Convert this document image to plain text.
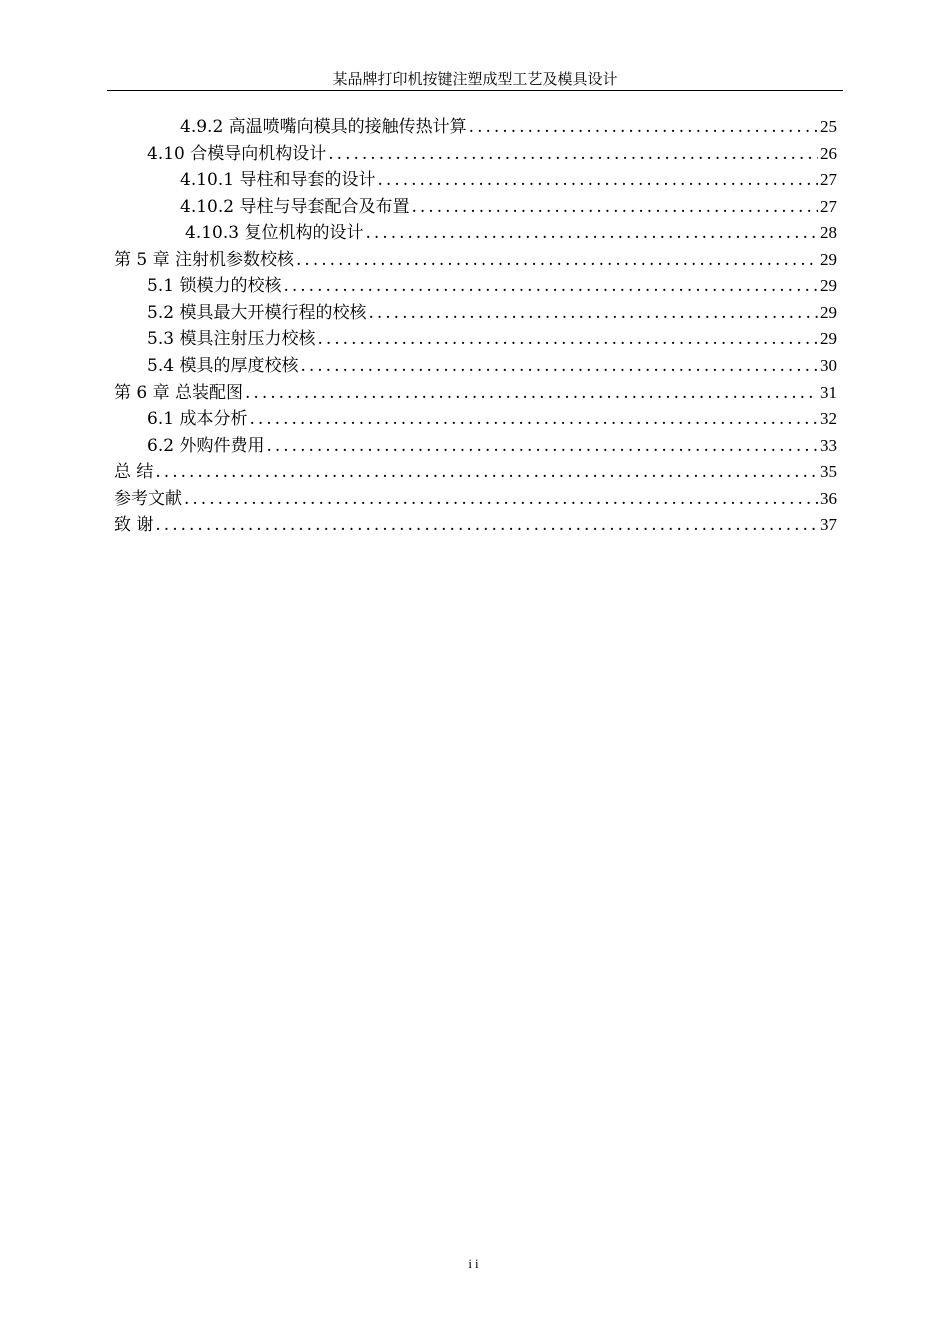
某品牌打印机按键注塑成型工艺及模具设计
4.9.2 高温喷嘴向模具的接触传热计算 .....	25
4.10 合模导向机构设计 .....	26
4.10.1 导柱和导套的设计 .....	27
4.10.2 导柱与导套配合及布置 .....	27
4.10.3 复位机构的设计 .....	28
第 5 章 注射机参数校核 .....	29
5.1 锁模力的校核 .....	29
5.2 模具最大开模行程的校核 .....	29
5.3 模具注射压力校核 .....	29
5.4 模具的厚度校核 .....	30
第 6 章 总装配图 .....	31
6.1 成本分析 .....	32
6.2 外购件费用 .....	33
总 结 .....	35
参考文献 .....	36
致 谢 .....	37
ii
